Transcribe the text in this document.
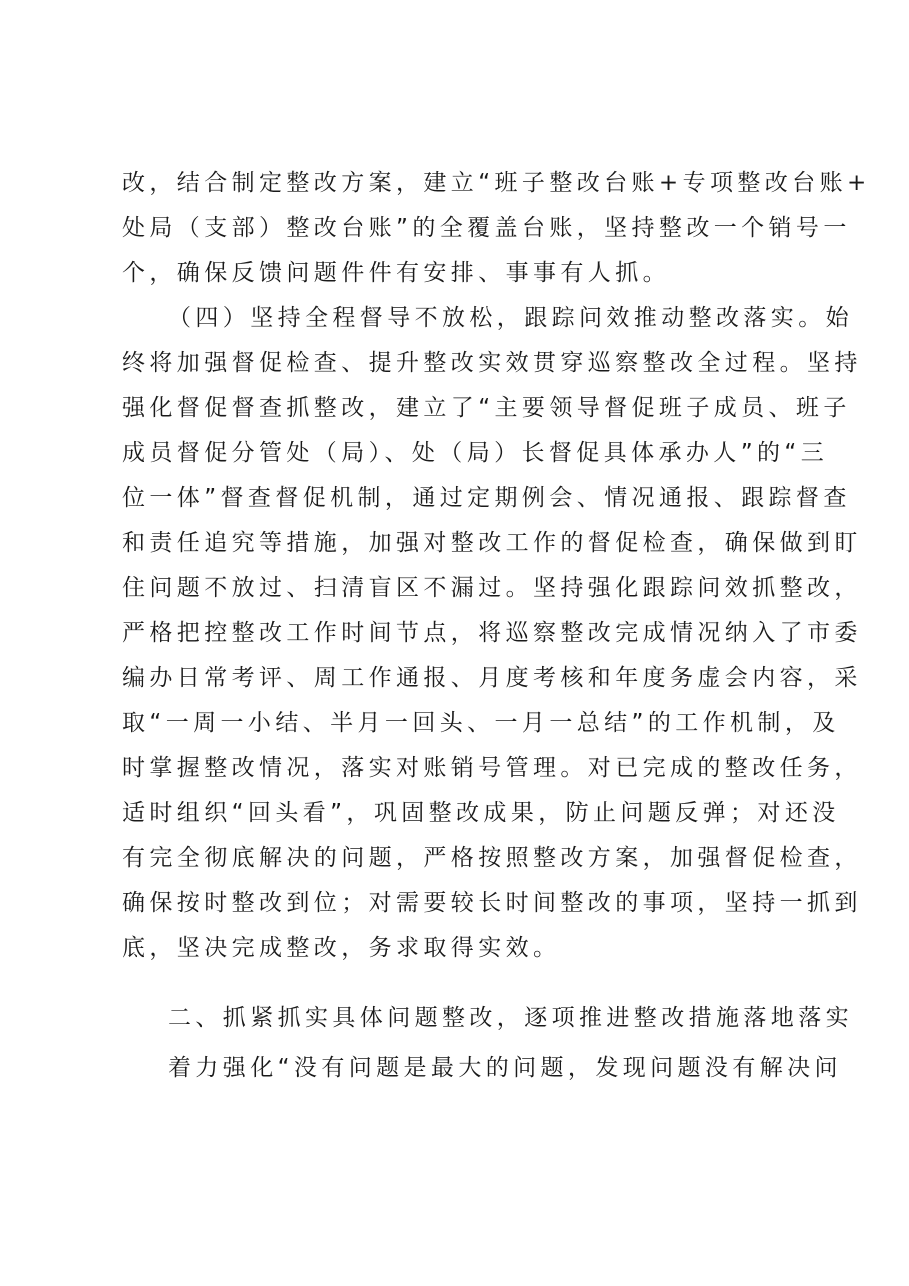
改，结合制定整改方案，建立“班子整改台账+专项整改台账+
处局（支部）整改台账”的全覆盖台账，坚持整改一个销号一
个，确保反馈问题件件有安排、事事有人抓。
（四）坚持全程督导不放松，跟踪问效推动整改落实。始
终将加强督促检查、提升整改实效贯穿巡察整改全过程。坚持
强化督促督查抓整改，建立了“主要领导督促班子成员、班子
成员督促分管处（局）、处（局）长督促具体承办人”的“三
位一体”督查督促机制，通过定期例会、情况通报、跟踪督查
和责任追究等措施，加强对整改工作的督促检查，确保做到盯
住问题不放过、扫清盲区不漏过。坚持强化跟踪问效抓整改，
严格把控整改工作时间节点，将巡察整改完成情况纳入了市委
编办日常考评、周工作通报、月度考核和年度务虚会内容，采
取“一周一小结、半月一回头、一月一总结”的工作机制，及
时掌握整改情况，落实对账销号管理。对已完成的整改任务，
适时组织“回头看”，巩固整改成果，防止问题反弹；对还没
有完全彻底解决的问题，严格按照整改方案，加强督促检查，
确保按时整改到位；对需要较长时间整改的事项，坚持一抓到
底，坚决完成整改，务求取得实效。
二、抓紧抓实具体问题整改，逐项推进整改措施落地落实
着力强化“没有问题是最大的问题，发现问题没有解决问
